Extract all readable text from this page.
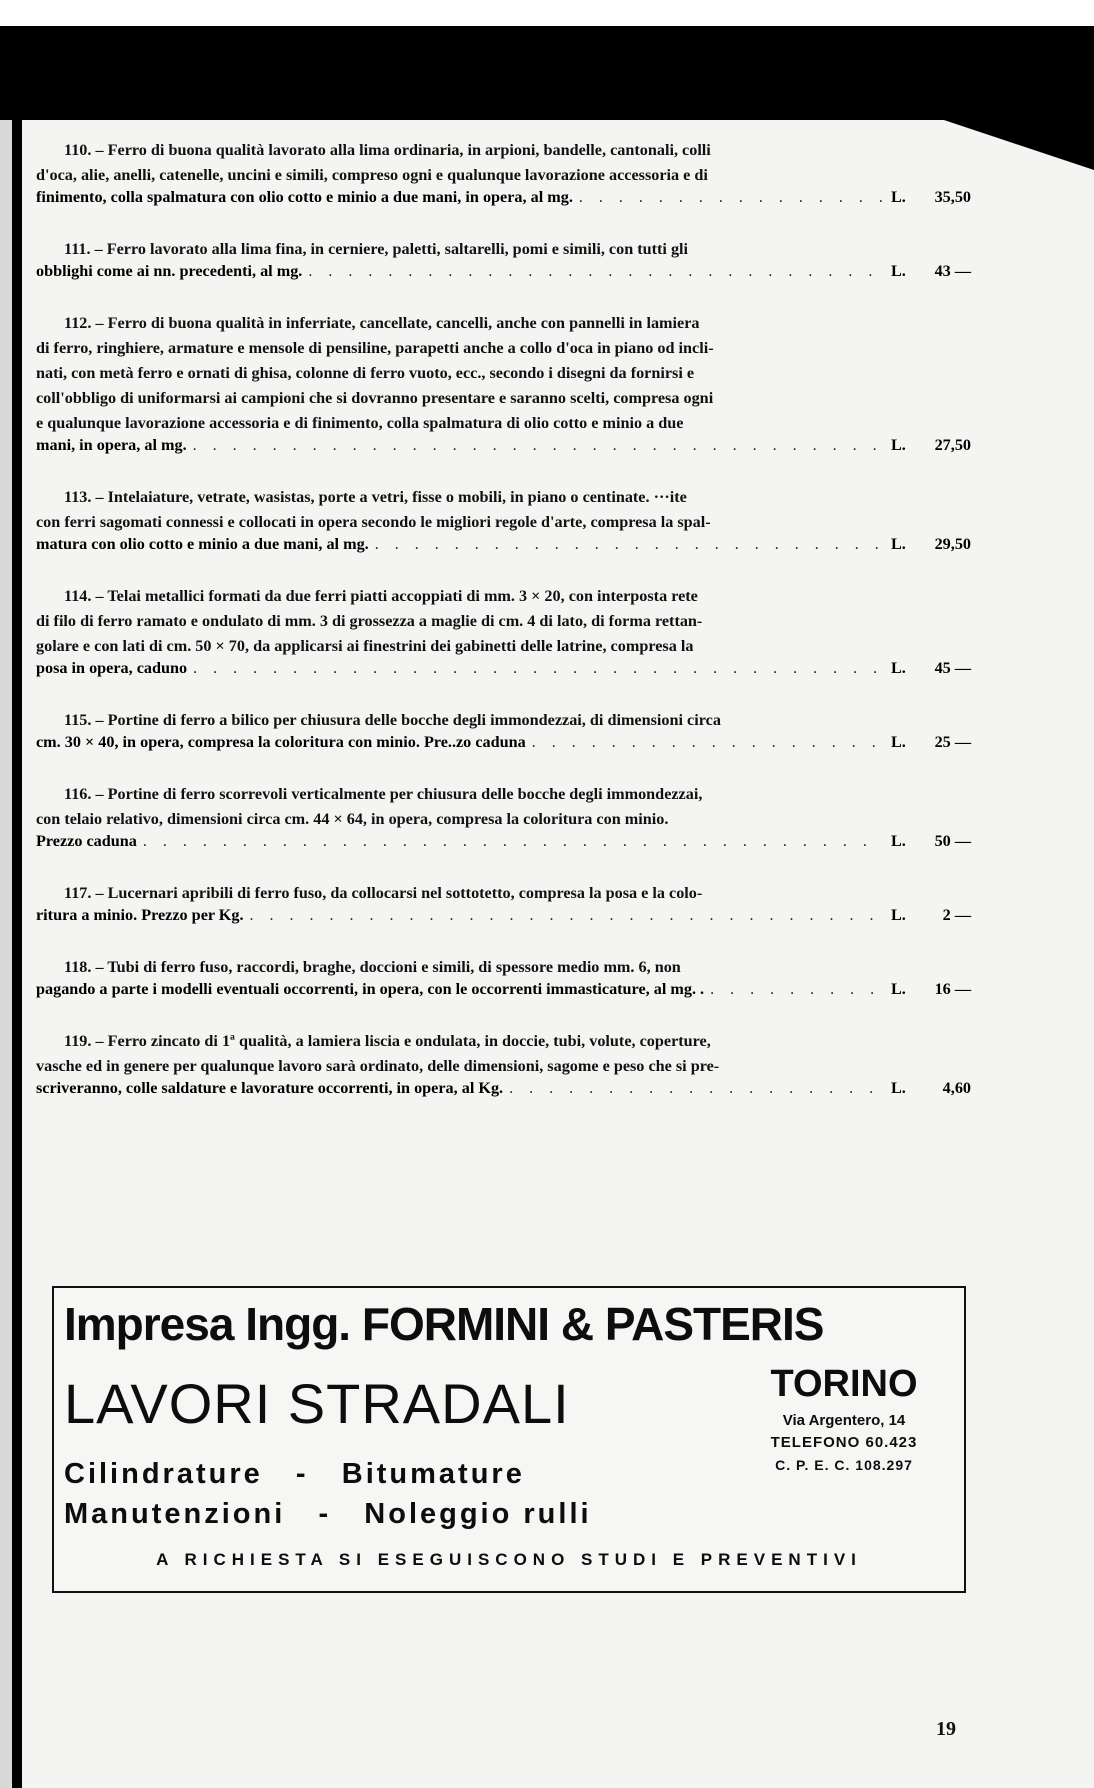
110. – Ferro di buona qualità lavorato alla lima ordinaria, in arpioni, bandelle, cantonali, colli

d'oca, alie, anelli, catenelle, uncini e simili, compreso ogni e qualunque lavorazione accessoria e di

finimento, colla spalmatura con olio cotto e minio a due mani, in opera, al mg. . . .	L. 35,50

111. – Ferro lavorato alla lima fina, in cerniere, paletti, saltarelli, pomi e simili, con tutti gli

obblighi come ai nn. precedenti, al mg. . . .	L. 43 —

112. – Ferro di buona qualità in inferriate, cancellate, cancelli, anche con pannelli in lamiera

di ferro, ringhiere, armature e mensole di pensiline, parapetti anche a collo d'oca in piano od incli-

nati, con metà ferro e ornati di ghisa, colonne di ferro vuoto, ecc., secondo i disegni da fornirsi e

coll'obbligo di uniformarsi ai campioni che si dovranno presentare e saranno scelti, compresa ogni

e qualunque lavorazione accessoria e di finimento, colla spalmatura di olio cotto e minio a due

mani, in opera, al mg. . . .	L. 27,50

113. – Intelaiature, vetrate, wasistas, porte a vetri, fisse o mobili, in piano o centinate. ···ite

con ferri sagomati connessi e collocati in opera secondo le migliori regole d'arte, compresa la spal-

matura con olio cotto e minio a due mani, al mg. . . .	L. 29,50

114. – Telai metallici formati da due ferri piatti accoppiati di mm. 3 × 20, con interposta rete

di filo di ferro ramato e ondulato di mm. 3 di grossezza a maglie di cm. 4 di lato, di forma rettan-

golare e con lati di cm. 50 × 70, da applicarsi ai finestrini dei gabinetti delle latrine, compresa la

posa in opera, caduno . . .	L. 45 —

115. – Portine di ferro a bilico per chiusura delle bocche degli immondezzai, di dimensioni circa

cm. 30 × 40, in opera, compresa la coloritura con minio. Pre..zo caduna . . .	L. 25 —

116. – Portine di ferro scorrevoli verticalmente per chiusura delle bocche degli immondezzai,

con telaio relativo, dimensioni circa cm. 44 × 64, in opera, compresa la coloritura con minio.

Prezzo caduna . . .	L. 50 —

117. – Lucernari apribili di ferro fuso, da collocarsi nel sottotetto, compresa la posa e la colo-

ritura a minio. Prezzo per Kg. . . .	L. 2 —

118. – Tubi di ferro fuso, raccordi, braghe, doccioni e simili, di spessore medio mm. 6, non

pagando a parte i modelli eventuali occorrenti, in opera, con le occorrenti immasticature, al mg. . . . .	L. 16 —

119. – Ferro zincato di 1ª qualità, a lamiera liscia e ondulata, in doccie, tubi, volute, coperture,

vasche ed in genere per qualunque lavoro sarà ordinato, delle dimensioni, sagome e peso che si pre-

scriveranno, colle saldature e lavorature occorrenti, in opera, al Kg. . . .	L. 4,60
Impresa Ingg. FORMINI & PASTERIS
LAVORI STRADALI
Cilindrature - Bitumature
Manutenzioni - Noleggio rulli
TORINO
Via Argentero, 14
TELEFONO 60.423
C. P. E. C. 108.297
A RICHIESTA SI ESEGUISCONO STUDI E PREVENTIVI
19
